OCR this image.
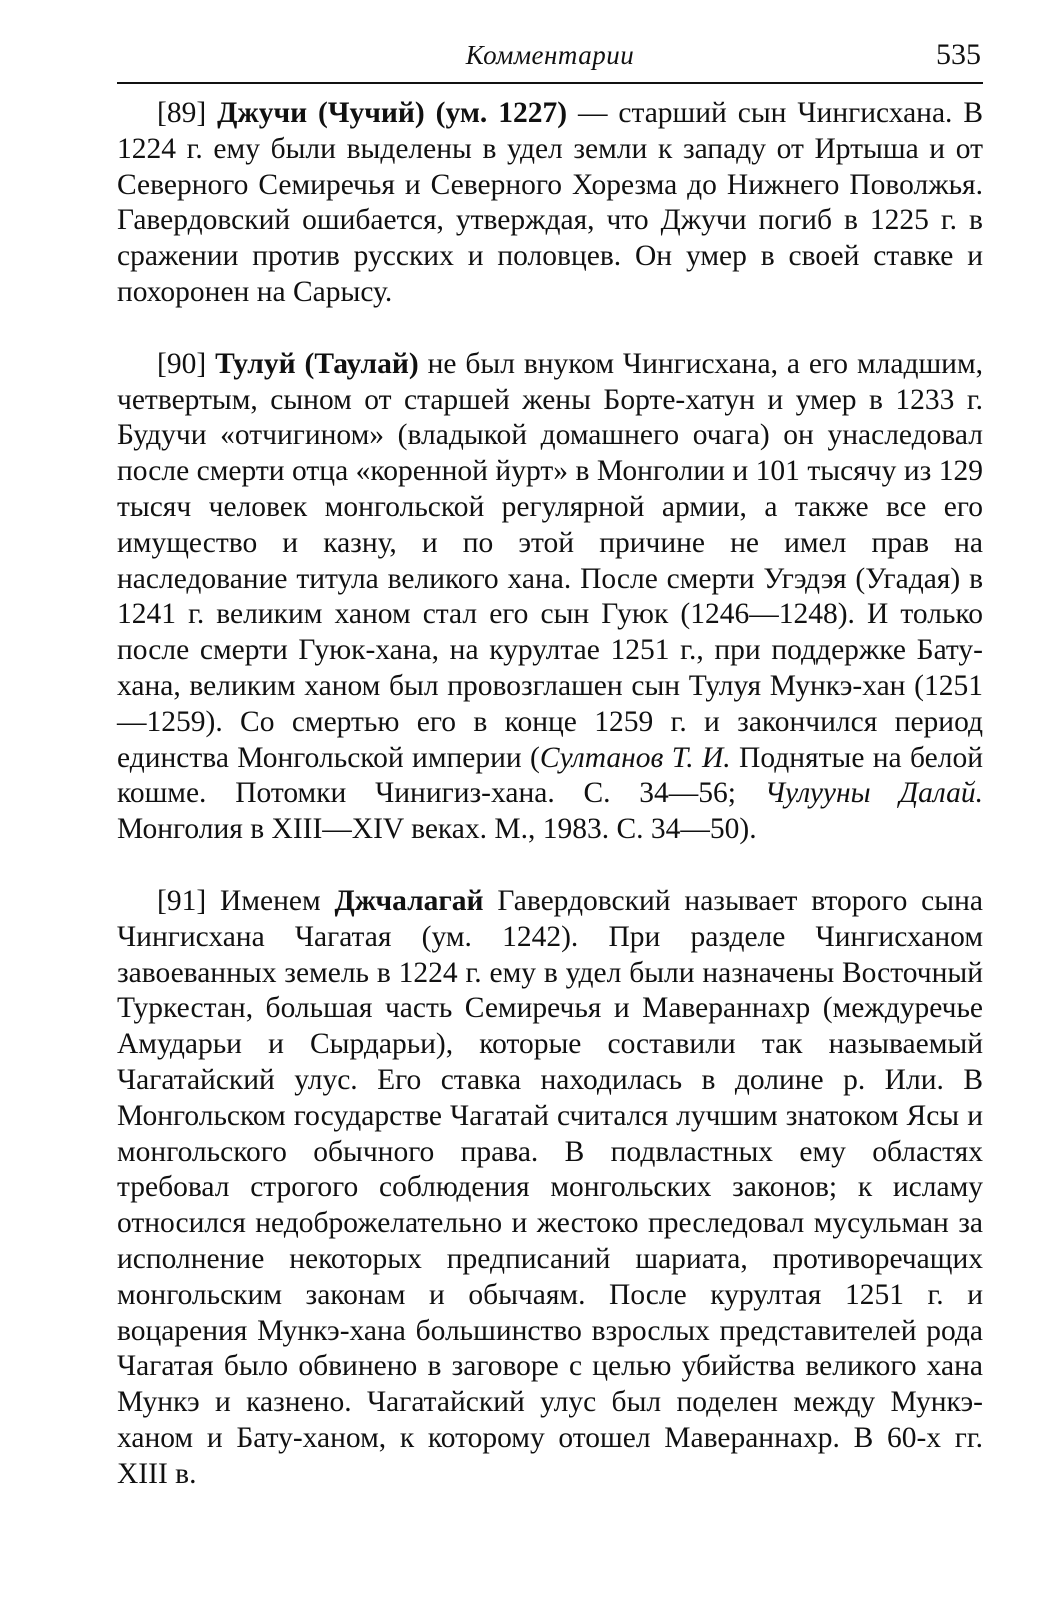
Комментарии	535

[89] Джучи (Чучий) (ум. 1227) — старший сын Чингисхана. В 1224 г. ему были выделены в удел земли к западу от Иртыша и от Северного Семиречья и Северного Хорезма до Нижнего Поволжья. Гавердовский ошибается, утверждая, что Джучи погиб в 1225 г. в сражении против русских и половцев. Он умер в своей ставке и похоронен на Сарысу.

[90] Тулуй (Таулай) не был внуком Чингисхана, а его младшим, четвертым, сыном от старшей жены Борте-хатун и умер в 1233 г. Будучи «отчигином» (владыкой домашнего очага) он унаследовал после смерти отца «коренной йурт» в Монголии и 101 тысячу из 129 тысяч человек монгольской регулярной армии, а также все его имущество и казну, и по этой причине не имел прав на наследование титула великого хана. После смерти Угэдэя (Угадая) в 1241 г. великим ханом стал его сын Гуюк (1246—1248). И только после смерти Гуюк-хана, на курултае 1251 г., при поддержке Бату-хана, великим ханом был провозглашен сын Тулуя Мункэ-хан (1251—1259). Со смертью его в конце 1259 г. и закончился период единства Монгольской империи (Султанов Т. И. Поднятые на белой кошме. Потомки Чинигиз-хана. С. 34—56; Чулууны Далай. Монголия в XIII—XIV веках. М., 1983. С. 34—50).

[91] Именем Джчалагай Гавердовский называет второго сына Чингисхана Чагатая (ум. 1242). При разделе Чингисханом завоеванных земель в 1224 г. ему в удел были назначены Восточный Туркестан, большая часть Семиречья и Мавераннахр (междуречье Амударьи и Сырдарьи), которые составили так называемый Чагатайский улус. Его ставка находилась в долине р. Или. В Монгольском государстве Чагатай считался лучшим знатоком Ясы и монгольского обычного права. В подвластных ему областях требовал строгого соблюдения монгольских законов; к исламу относился недоброжелательно и жестоко преследовал мусульман за исполнение некоторых предписаний шариата, противоречащих монгольским законам и обычаям. После курултая 1251 г. и воцарения Мункэ-хана большинство взрослых представителей рода Чагатая было обвинено в заговоре с целью убийства великого хана Мункэ и казнено. Чагатайский улус был поделен между Мункэ-ханом и Бату-ханом, к которому отошел Мавераннахр. В 60-х гг. XIII в.
